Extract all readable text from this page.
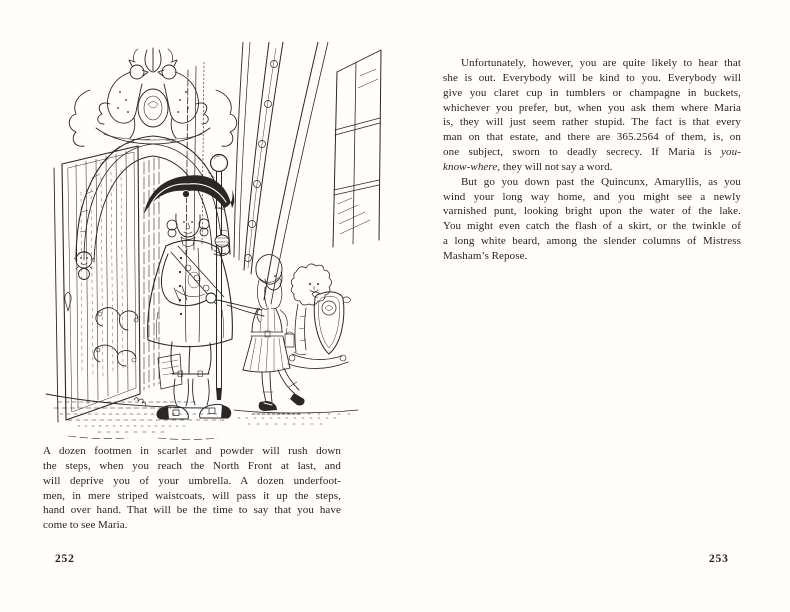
A dozen footmen in scarlet and powder will rush down
the steps, when you reach the North Front at last, and
will deprive you of your umbrella. A dozen underfoot-
men, in mere striped waistcoats, will pass it up the steps,
hand over hand. That will be the time to say that you have
come to see Maria.
252
Unfortunately, however, you are quite likely to hear that
she is out. Everybody will be kind to you. Everybody will
give you claret cup in tumblers or champagne in buckets,
whichever you prefer, but, when you ask them where Maria
is, they will just seem rather stupid. The fact is that every
man on that estate, and there are 365.2564 of them, is, on
one subject, sworn to deadly secrecy. If Maria is you-
know-where, they will not say a word.
But go you down past the Quincunx, Amaryllis, as you
wind your long way home, and you might see a newly
varnished punt, looking bright upon the water of the lake.
You might even catch the flash of a skirt, or the twinkle of
a long white beard, among the slender columns of Mistress
Masham’s Repose.
253
